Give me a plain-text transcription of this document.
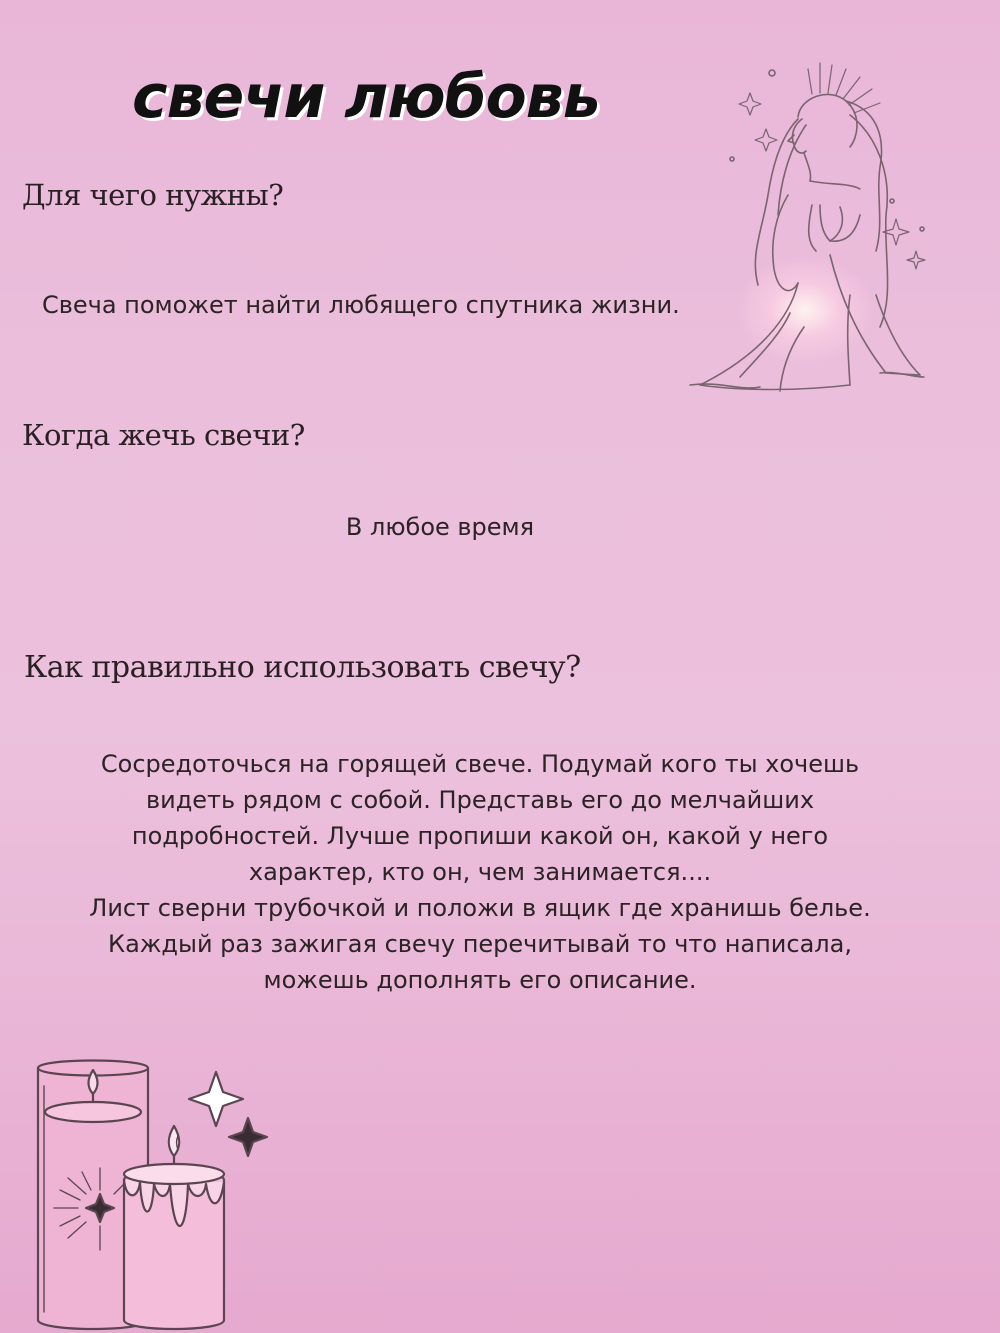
свечи любовь
Для чего нужны?

Свеча поможет найти любящего спутника жизни.

Когда жечь свечи?

В любое время

Как правильно использовать свечу?
Сосредоточься на горящей свече. Подумай кого ты хочешь
видеть рядом с собой. Представь его до мелчайших
подробностей. Лучше пропиши какой он, какой у него
характер, кто он, чем занимается....
Лист сверни трубочкой и положи в ящик где хранишь белье.
Каждый раз зажигая свечу перечитывай то что написала,
можешь дополнять его описание.
